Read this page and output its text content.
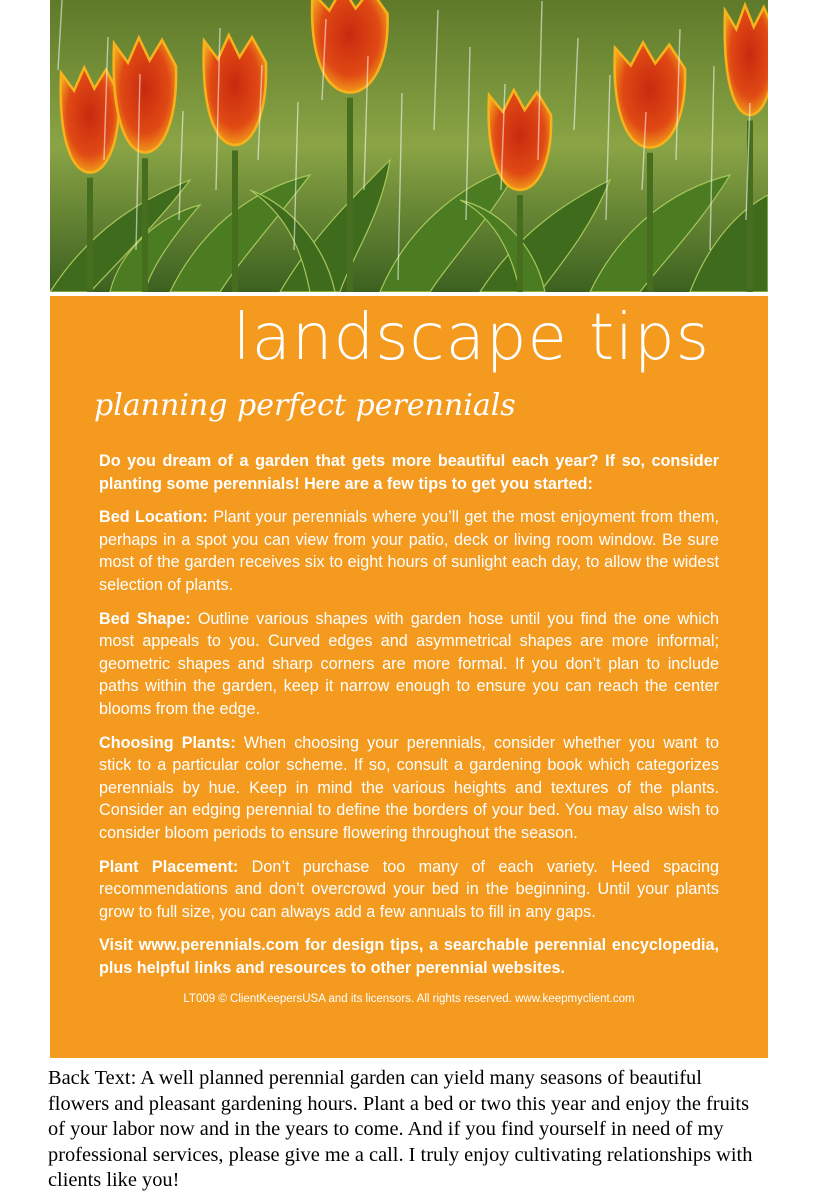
landscape tips
planning perfect perennials

Do you dream of a garden that gets more beautiful each year? If so, consider planting some perennials! Here are a few tips to get you started:

Bed Location: Plant your perennials where you’ll get the most enjoyment from them, perhaps in a spot you can view from your patio, deck or living room window. Be sure most of the garden receives six to eight hours of sunlight each day, to allow the widest selection of plants.

Bed Shape: Outline various shapes with garden hose until you find the one which most appeals to you. Curved edges and asymmetrical shapes are more informal; geometric shapes and sharp corners are more formal. If you don’t plan to include paths within the garden, keep it narrow enough to ensure you can reach the center blooms from the edge.

Choosing Plants: When choosing your perennials, consider whether you want to stick to a particular color scheme. If so, consult a gardening book which categorizes perennials by hue. Keep in mind the various heights and textures of the plants. Consider an edging perennial to define the borders of your bed. You may also wish to consider bloom periods to ensure flowering throughout the season.

Plant Placement: Don’t purchase too many of each variety. Heed spacing recommendations and don’t overcrowd your bed in the beginning. Until your plants grow to full size, you can always add a few annuals to fill in any gaps.

Visit www.perennials.com for design tips, a searchable perennial encyclopedia, plus helpful links and resources to other perennial websites.

LT009 © ClientKeepersUSA and its licensors. All rights reserved. www.keepmyclient.com
Back Text: A well planned perennial garden can yield many seasons of beautiful flowers and pleasant gardening hours. Plant a bed or two this year and enjoy the fruits of your labor now and in the years to come. And if you find yourself in need of my professional services, please give me a call. I truly enjoy cultivating relationships with clients like you!
